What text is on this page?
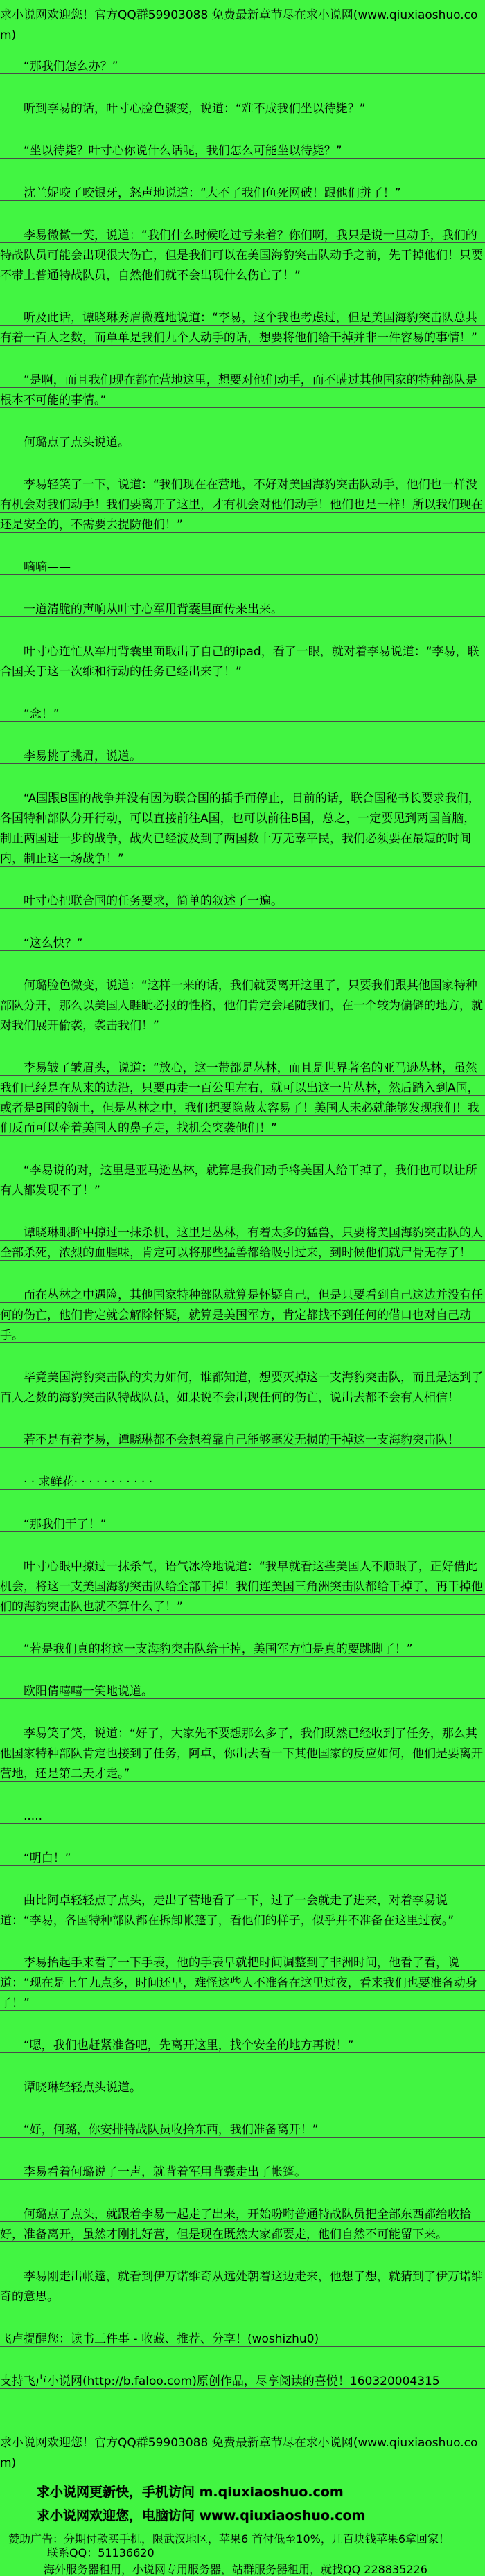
求小说网欢迎您！官方QQ群59903088 免费最新章节尽在求小说网(www.qiuxiaoshuo.com)

“那我们怎么办？”

听到李易的话，叶寸心脸色骤变，说道：“难不成我们坐以待毙？”

“坐以待毙？叶寸心你说什么话呢，我们怎么可能坐以待毙？”

沈兰妮咬了咬银牙，怒声地说道：“大不了我们鱼死网破！跟他们拼了！”

李易微微一笑，说道：“我们什么时候吃过亏来着？你们啊，我只是说一旦动手，我们的特战队员可能会出现很大伤亡，但是我们可以在美国海豹突击队动手之前，先干掉他们！只要不带上普通特战队员，自然他们就不会出现什么伤亡了！”

听及此话，谭晓琳秀眉微蹙地说道：“李易，这个我也考虑过，但是美国海豹突击队总共有着一百人之数，而单单是我们九个人动手的话，想要将他们给干掉并非一件容易的事情！”

“是啊，而且我们现在都在营地这里，想要对他们动手，而不瞒过其他国家的特种部队是根本不可能的事情。”

何璐点了点头说道。

李易轻笑了一下，说道：“我们现在在营地，不好对美国海豹突击队动手，他们也一样没有机会对我们动手！我们要离开了这里，才有机会对他们动手！他们也是一样！所以我们现在还是安全的，不需要去提防他们！”

嘀嘀——

一道清脆的声响从叶寸心军用背囊里面传来出来。

叶寸心连忙从军用背囊里面取出了自己的ipad，看了一眼，就对着李易说道：“李易，联合国关于这一次维和行动的任务已经出来了！”

“念！”

李易挑了挑眉，说道。

“A国跟B国的战争并没有因为联合国的插手而停止，目前的话，联合国秘书长要求我们，各国特种部队分开行动，可以直接前往A国，也可以前往B国，总之，一定要见到两国首脑，制止两国进一步的战争，战火已经波及到了两国数十万无辜平民，我们必须要在最短的时间内，制止这一场战争！”

叶寸心把联合国的任务要求，简单的叙述了一遍。

“这么快？”

何璐脸色微变，说道：“这样一来的话，我们就要离开这里了，只要我们跟其他国家特种部队分开，那么以美国人睚眦必报的性格，他们肯定会尾随我们，在一个较为偏僻的地方，就对我们展开偷袭，袭击我们！”

李易皱了皱眉头，说道：“放心，这一带都是丛林，而且是世界著名的亚马逊丛林，虽然我们已经是在从来的边沿，只要再走一百公里左右，就可以出这一片丛林，然后踏入到A国，或者是B国的领土，但是丛林之中，我们想要隐蔽太容易了！美国人未必就能够发现我们！我们反而可以牵着美国人的鼻子走，找机会突袭他们！”

“李易说的对，这里是亚马逊丛林，就算是我们动手将美国人给干掉了，我们也可以让所有人都发现不了！”

谭晓琳眼眸中掠过一抹杀机，这里是丛林，有着太多的猛兽，只要将美国海豹突击队的人全部杀死，浓烈的血腥味，肯定可以将那些猛兽都给吸引过来，到时候他们就尸骨无存了！

而在丛林之中遇险，其他国家特种部队就算是怀疑自己，但是只要看到自己这边并没有任何的伤亡，他们肯定就会解除怀疑，就算是美国军方，肯定都找不到任何的借口也对自己动手。

毕竟美国海豹突击队的实力如何，谁都知道，想要灭掉这一支海豹突击队，而且是达到了百人之数的海豹突击队特战队员，如果说不会出现任何的伤亡，说出去都不会有人相信！

若不是有着李易，谭晓琳都不会想着靠自己能够毫发无损的干掉这一支海豹突击队！

· · 求鲜花· · · · · · · · · · ·

“那我们干了！”

叶寸心眼中掠过一抹杀气，语气冰冷地说道：“我早就看这些美国人不顺眼了，正好借此机会，将这一支美国海豹突击队给全部干掉！我们连美国三角洲突击队都给干掉了，再干掉他们的海豹突击队也就不算什么了！”

“若是我们真的将这一支海豹突击队给干掉，美国军方怕是真的要跳脚了！”

欧阳倩嘻嘻一笑地说道。

李易笑了笑，说道：“好了，大家先不要想那么多了，我们既然已经收到了任务，那么其他国家特种部队肯定也接到了任务，阿卓，你出去看一下其他国家的反应如何，他们是要离开营地，还是第二天才走。”

.....

“明白！”

曲比阿卓轻轻点了点头，走出了营地看了一下，过了一会就走了进来，对着李易说道：“李易，各国特种部队都在拆卸帐篷了，看他们的样子，似乎并不准备在这里过夜。”

李易抬起手来看了一下手表，他的手表早就把时间调整到了非洲时间，他看了看，说道：“现在是上午九点多，时间还早，难怪这些人不准备在这里过夜，看来我们也要准备动身了！”

“嗯，我们也赶紧准备吧，先离开这里，找个安全的地方再说！”

谭晓琳轻轻点头说道。

“好，何璐，你安排特战队员收拾东西，我们准备离开！”

李易看着何璐说了一声，就背着军用背囊走出了帐篷。

何璐点了点头，就跟着李易一起走了出来，开始吩咐普通特战队员把全部东西都给收拾好，准备离开，虽然才刚扎好营，但是现在既然大家都要走，他们自然不可能留下来。

李易刚走出帐篷，就看到伊万诺维奇从远处朝着这边走来，他想了想，就猜到了伊万诺维奇的意思。

飞卢提醒您：读书三件事 - 收藏、推荐、分享！(woshizhu0)

支持飞卢小说网(http://b.faloo.com)原创作品，尽享阅读的喜悦！160320004315

求小说网欢迎您！官方QQ群59903088 免费最新章节尽在求小说网(www.qiuxiaoshuo.com)

求小说网更新快，手机访问 m.qiuxiaoshuo.com

求小说网欢迎您，电脑访问 www.qiuxiaoshuo.com

赞助广告：分期付款买手机，限武汉地区，苹果6 首付低至10%，几百块钱苹果6拿回家！

联系QQ：51136620

海外服务器租用，小说网专用服务器，站群服务器租用，就找QQ 228835226
